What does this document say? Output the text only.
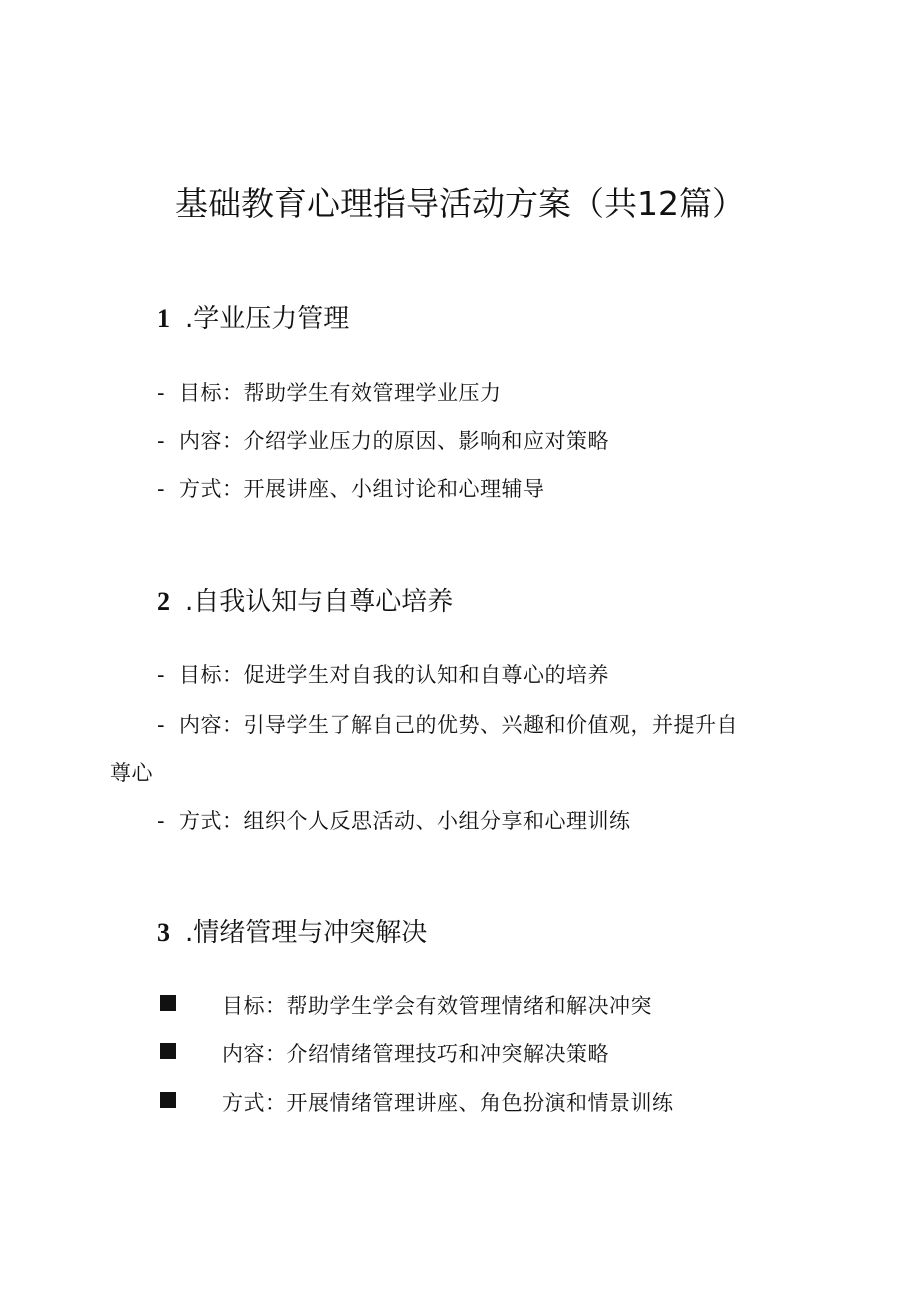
基础教育心理指导活动方案（共12篇）
1 .学业压力管理
- 目标：帮助学生有效管理学业压力
- 内容：介绍学业压力的原因、影响和应对策略
- 方式：开展讲座、小组讨论和心理辅导
2 .自我认知与自尊心培养
- 目标：促进学生对自我的认知和自尊心的培养
- 内容：引导学生了解自己的优势、兴趣和价值观，并提升自
尊心
- 方式：组织个人反思活动、小组分享和心理训练
3 .情绪管理与冲突解决
目标：帮助学生学会有效管理情绪和解决冲突
内容：介绍情绪管理技巧和冲突解决策略
方式：开展情绪管理讲座、角色扮演和情景训练
